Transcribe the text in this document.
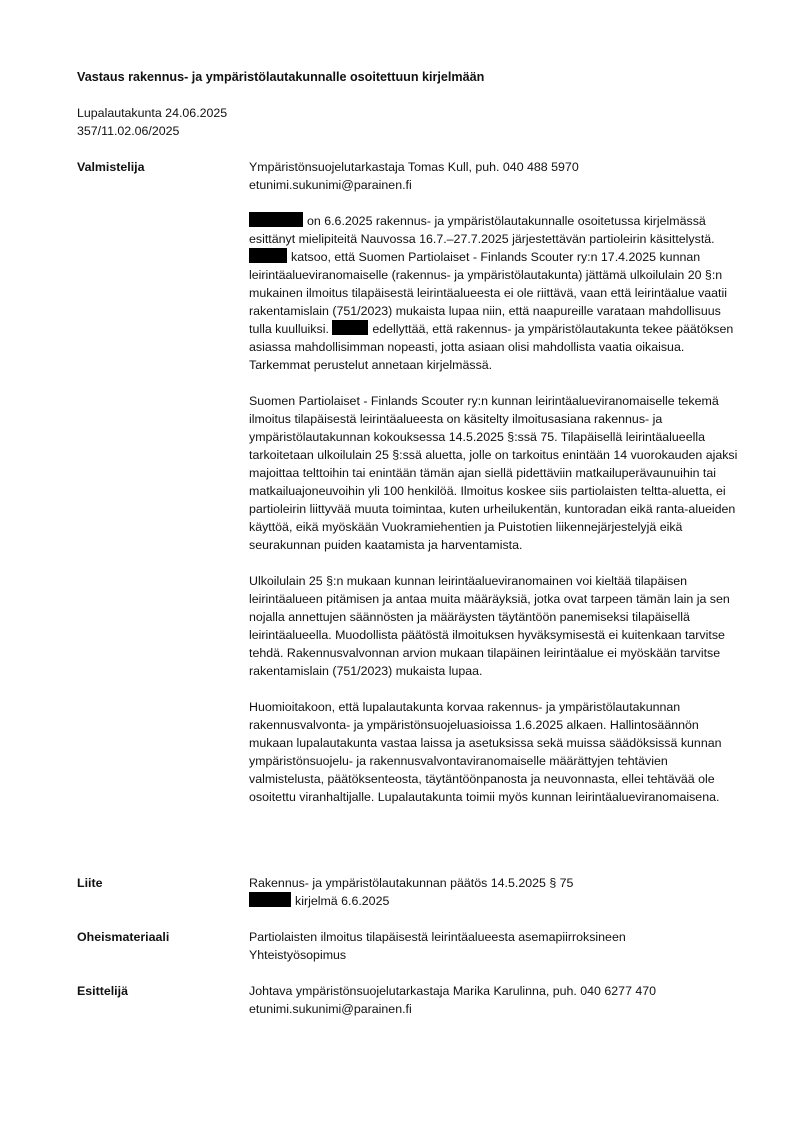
Vastaus rakennus- ja ympäristölautakunnalle osoitettuun kirjelmään
Lupalautakunta 24.06.2025
357/11.02.06/2025
Valmistelija	Ympäristönsuojelutarkastaja Tomas Kull, puh. 040 488 5970
etunimi.sukunimi@parainen.fi

on 6.6.2025 rakennus- ja ympäristölautakunnalle osoitetussa kirjelmässä esittänyt mielipiteitä Nauvossa 16.7.–27.7.2025 järjestettävän partioleirin käsittelystä. katsoo, että Suomen Partiolaiset - Finlands Scouter ry:n 17.4.2025 kunnan leirintäalueviranomaiselle (rakennus- ja ympäristölautakunta) jättämä ulkoilulain 20 §:n mukainen ilmoitus tilapäisestä leirintäalueesta ei ole riittävä, vaan että leirintäalue vaatii rakentamislain (751/2023) mukaista lupaa niin, että naapureille varataan mahdollisuus tulla kuulluiksi.	edellyttää, että rakennus- ja ympäristölautakunta tekee päätöksen asiassa mahdollisimman nopeasti, jotta asiaan olisi mahdollista vaatia oikaisua. Tarkemmat perustelut annetaan kirjelmässä.

Suomen Partiolaiset - Finlands Scouter ry:n kunnan leirintäalueviranomaiselle tekemä ilmoitus tilapäisestä leirintäalueesta on käsitelty ilmoitusasiana rakennus- ja ympäristölautakunnan kokouksessa 14.5.2025 §:ssä 75. Tilapäisellä leirintäalueella tarkoitetaan ulkoilulain 25 §:ssä aluetta, jolle on tarkoitus enintään 14 vuorokauden ajaksi majoittaa telttoihin tai enintään tämän ajan siellä pidettäviin matkailuperävaunuihin tai matkailuajoneuvoihin yli 100 henkilöä. Ilmoitus koskee siis partiolaisten teltta-aluetta, ei partioleirin liittyvää muuta toimintaa, kuten urheilukentän, kuntoradan eikä ranta-alueiden käyttöä, eikä myöskään Vuokramiehentien ja Puistotien liikennejärjestelyjä eikä seurakunnan puiden kaatamista ja harventamista.

Ulkoilulain 25 §:n mukaan kunnan leirintäalueviranomainen voi kieltää tilapäisen leirintäalueen pitämisen ja antaa muita määräyksiä, jotka ovat tarpeen tämän lain ja sen nojalla annettujen säännösten ja määräysten täytäntöön panemiseksi tilapäisellä leirintäalueella. Muodollista päätöstä ilmoituksen hyväksymisestä ei kuitenkaan tarvitse tehdä. Rakennusvalvonnan arvion mukaan tilapäinen leirintäalue ei myöskään tarvitse rakentamislain (751/2023) mukaista lupaa.

Huomioitakoon, että lupalautakunta korvaa rakennus- ja ympäristölautakunnan rakennusvalvonta- ja ympäristönsuojeluasioissa 1.6.2025 alkaen. Hallintosäännön mukaan lupalautakunta vastaa laissa ja asetuksissa sekä muissa säädöksissä kunnan ympäristönsuojelu- ja rakennusvalvontaviranomaiselle määrättyjen tehtävien valmistelusta, päätöksenteosta, täytäntöönpanosta ja neuvonnasta, ellei tehtävää ole osoitettu viranhaltijalle. Lupalautakunta toimii myös kunnan leirintäalueviranomaisena.

Liite	Rakennus- ja ympäristölautakunnan päätös 14.5.2025 § 75
kirjelmä 6.6.2025
Oheismateriaali	Partiolaisten ilmoitus tilapäisestä leirintäalueesta asemapiirroksineen
Yhteistyösopimus
Esittelijä	Johtava ympäristönsuojelutarkastaja Marika Karulinna, puh. 040 6277 470
etunimi.sukunimi@parainen.fi
